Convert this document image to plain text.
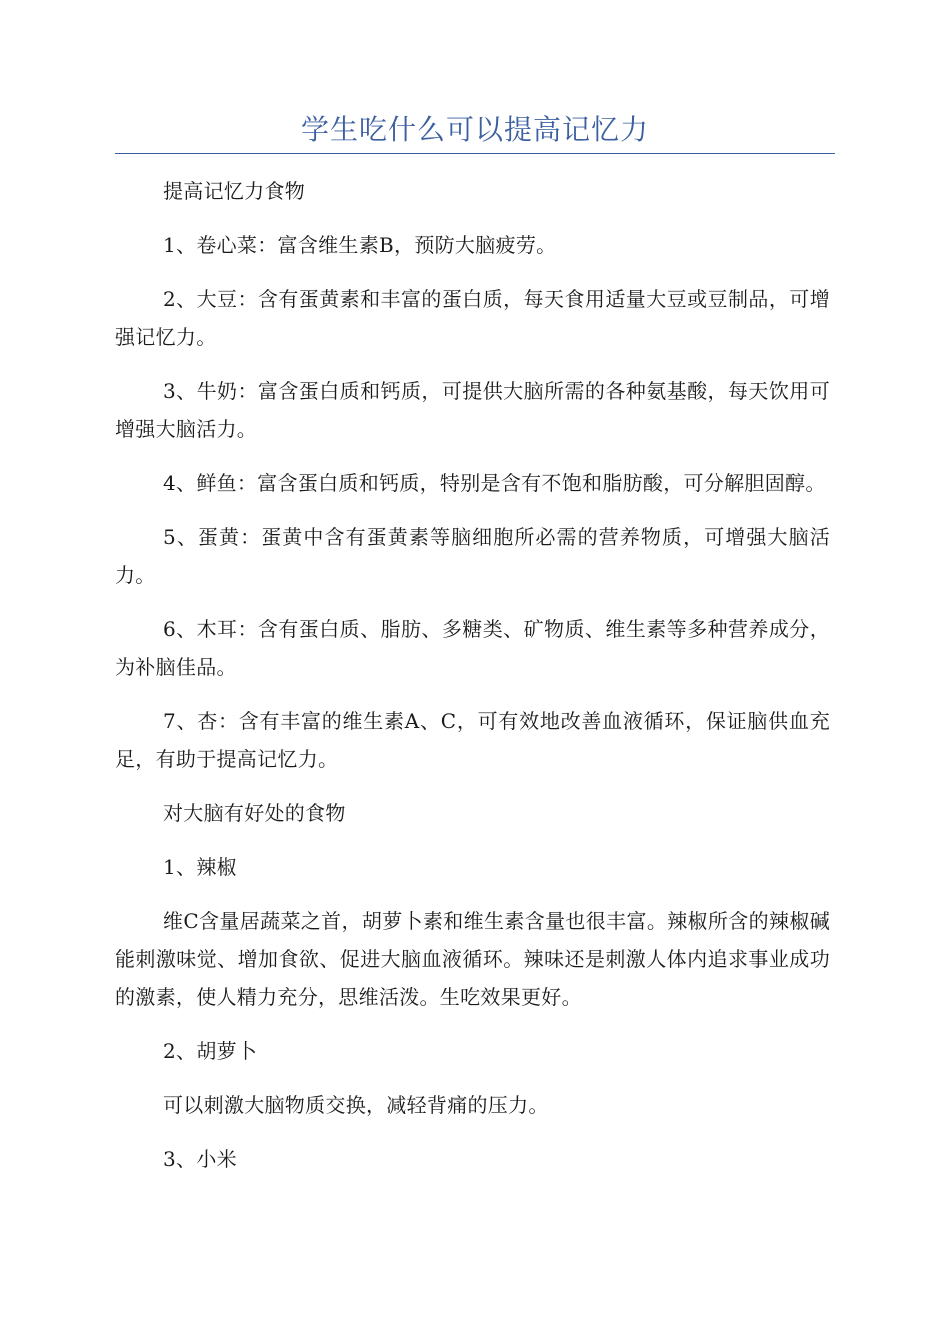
学生吃什么可以提高记忆力

提高记忆力食物

1、卷心菜：富含维生素B，预防大脑疲劳。

2、大豆：含有蛋黄素和丰富的蛋白质，每天食用适量大豆或豆制品，可增强记忆力。

3、牛奶：富含蛋白质和钙质，可提供大脑所需的各种氨基酸，每天饮用可增强大脑活力。

4、鲜鱼：富含蛋白质和钙质，特别是含有不饱和脂肪酸，可分解胆固醇。

5、蛋黄：蛋黄中含有蛋黄素等脑细胞所必需的营养物质，可增强大脑活力。

6、木耳：含有蛋白质、脂肪、多糖类、矿物质、维生素等多种营养成分，为补脑佳品。

7、杏：含有丰富的维生素A、C，可有效地改善血液循环，保证脑供血充足，有助于提高记忆力。

对大脑有好处的食物

1、辣椒

维C含量居蔬菜之首，胡萝卜素和维生素含量也很丰富。辣椒所含的辣椒碱能刺激味觉、增加食欲、促进大脑血液循环。辣味还是刺激人体内追求事业成功的激素，使人精力充分，思维活泼。生吃效果更好。

2、胡萝卜

可以刺激大脑物质交换，减轻背痛的压力。

3、小米
